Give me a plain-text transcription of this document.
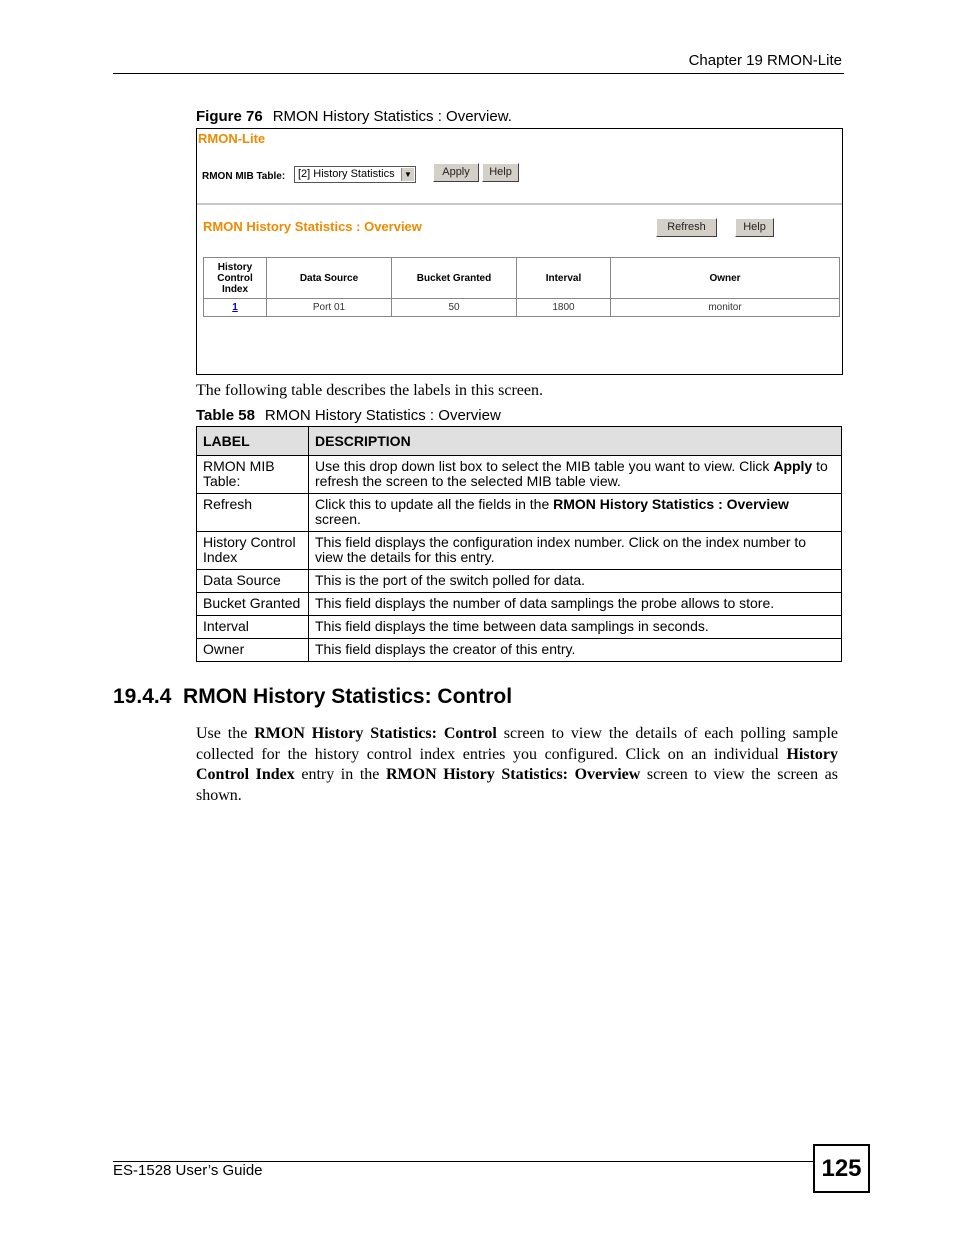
Chapter 19 RMON-Lite
Figure 76 RMON History Statistics : Overview.
RMON-Lite
RMON MIB Table: [2] History Statistics	▼	Apply	Help
RMON History Statistics : Overview	Refresh	Help
History Control Index	Data Source	Bucket Granted	Interval	Owner
1	Port 01	50	1800	monitor
The following table describes the labels in this screen.
Table 58 RMON History Statistics : Overview
LABEL	DESCRIPTION
RMON MIB Table:	Use this drop down list box to select the MIB table you want to view. Click Apply to refresh the screen to the selected MIB table view.
Refresh	Click this to update all the fields in the RMON History Statistics : Overview screen.
History Control Index	This field displays the configuration index number. Click on the index number to view the details for this entry.
Data Source	This is the port of the switch polled for data.
Bucket Granted	This field displays the number of data samplings the probe allows to store.
Interval	This field displays the time between data samplings in seconds.
Owner	This field displays the creator of this entry.
19.4.4  RMON History Statistics: Control
Use the RMON History Statistics: Control screen to view the details of each polling sample collected for the history control index entries you configured. Click on an individual History Control Index entry in the RMON History Statistics: Overview screen to view the screen as shown.
ES-1528 User’s Guide	125
